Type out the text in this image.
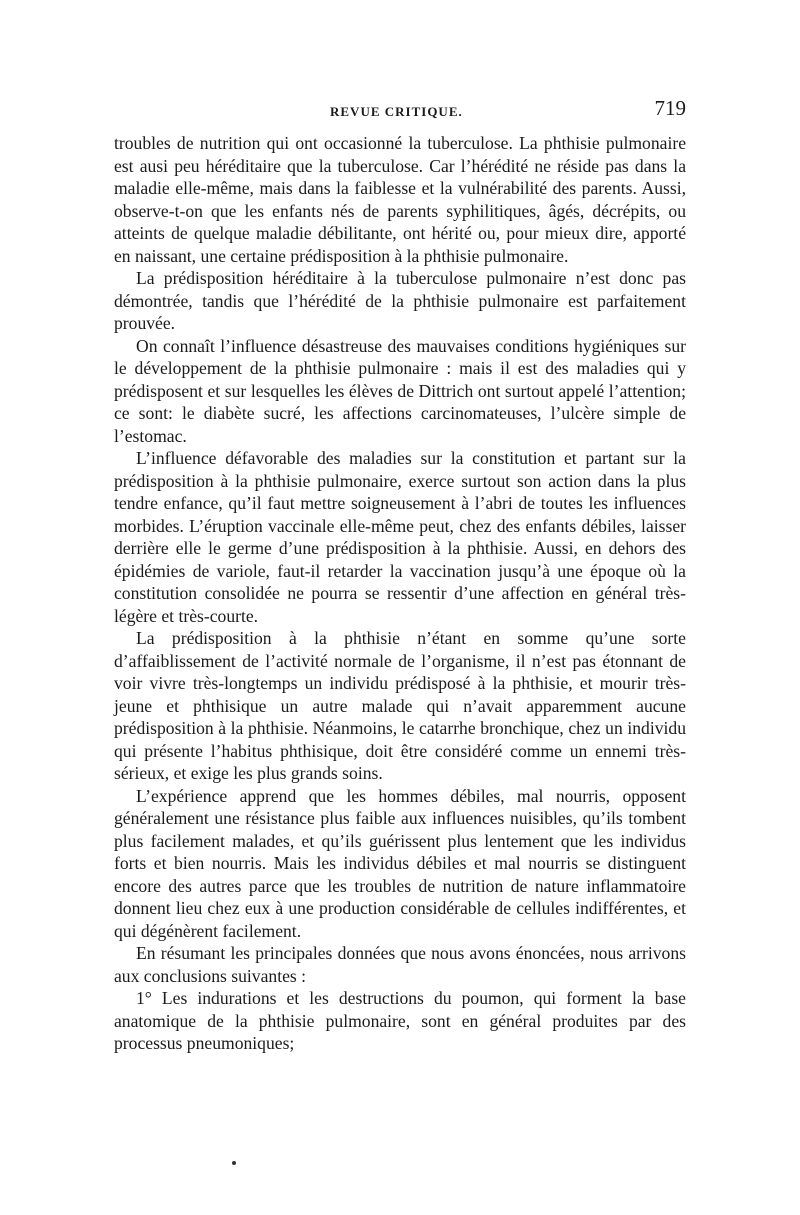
REVUE CRITIQUE.	719

troubles de nutrition qui ont occasionné la tuberculose. La phthisie pulmonaire est ausi peu héréditaire que la tuberculose. Car l’hérédité ne réside pas dans la maladie elle-même, mais dans la faiblesse et la vulnérabilité des parents. Aussi, observe-t-on que les enfants nés de parents syphilitiques, âgés, décrépits, ou atteints de quelque maladie débilitante, ont hérité ou, pour mieux dire, apporté en naissant, une certaine prédisposition à la phthisie pulmonaire.

La prédisposition héréditaire à la tuberculose pulmonaire n’est donc pas démontrée, tandis que l’hérédité de la phthisie pulmonaire est parfaitement prouvée.

On connaît l’influence désastreuse des mauvaises conditions hygiéniques sur le développement de la phthisie pulmonaire : mais il est des maladies qui y prédisposent et sur lesquelles les élèves de Dittrich ont surtout appelé l’attention; ce sont: le diabète sucré, les affections carcinomateuses, l’ulcère simple de l’estomac.

L’influence défavorable des maladies sur la constitution et partant sur la prédisposition à la phthisie pulmonaire, exerce surtout son action dans la plus tendre enfance, qu’il faut mettre soigneusement à l’abri de toutes les influences morbides. L’éruption vaccinale elle-même peut, chez des enfants débiles, laisser derrière elle le germe d’une prédisposition à la phthisie. Aussi, en dehors des épidémies de variole, faut-il retarder la vaccination jusqu’à une époque où la constitution consolidée ne pourra se ressentir d’une affection en général très-légère et très-courte.

La prédisposition à la phthisie n’étant en somme qu’une sorte d’affaiblissement de l’activité normale de l’organisme, il n’est pas étonnant de voir vivre très-longtemps un individu prédisposé à la phthisie, et mourir très-jeune et phthisique un autre malade qui n’avait apparemment aucune prédisposition à la phthisie. Néanmoins, le catarrhe bronchique, chez un individu qui présente l’habitus phthisique, doit être considéré comme un ennemi très-sérieux, et exige les plus grands soins.

L’expérience apprend que les hommes débiles, mal nourris, opposent généralement une résistance plus faible aux influences nuisibles, qu’ils tombent plus facilement malades, et qu’ils guérissent plus lentement que les individus forts et bien nourris. Mais les individus débiles et mal nourris se distinguent encore des autres parce que les troubles de nutrition de nature inflammatoire donnent lieu chez eux à une production considérable de cellules indifférentes, et qui dégénèrent facilement.

En résumant les principales données que nous avons énoncées, nous arrivons aux conclusions suivantes :

1° Les indurations et les destructions du poumon, qui forment la base anatomique de la phthisie pulmonaire, sont en général produites par des processus pneumoniques;
